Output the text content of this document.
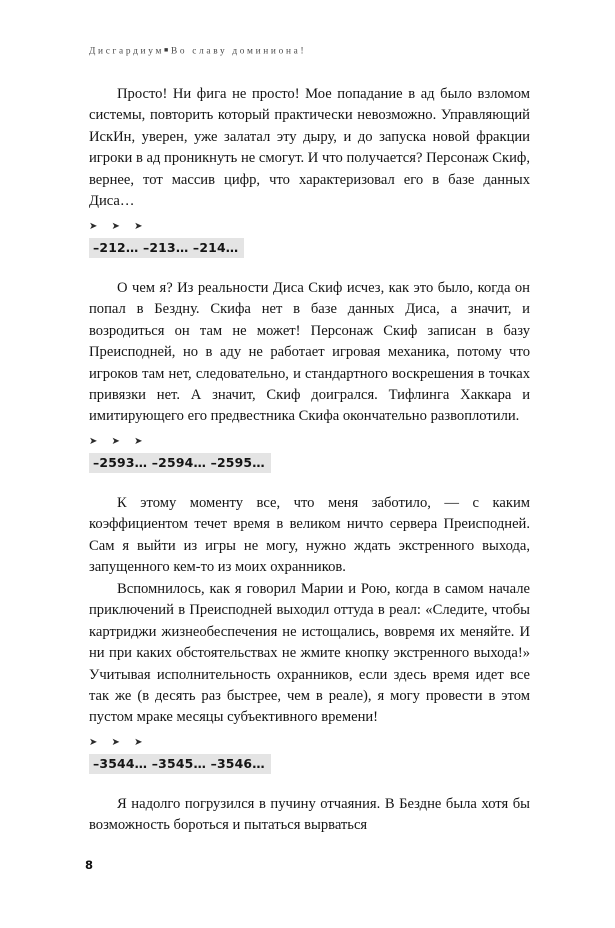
Дисгардиум■Во славу доминиона!

Просто! Ни фига не просто! Мое попадание в ад было взломом системы, повторить который практически невозможно. Управляющий ИскИн, уверен, уже залатал эту дыру, и до запуска новой фракции игроки в ад проникнуть не смогут. И что получается? Персонаж Скиф, вернее, тот массив цифр, что характеризовал его в базе данных Диса…

➤ ➤ ➤
–212… –213… –214…

О чем я? Из реальности Диса Скиф исчез, как это было, когда он попал в Бездну. Скифа нет в базе данных Диса, а значит, и возродиться он там не может! Персонаж Скиф записан в базу Преисподней, но в аду не работает игровая механика, потому что игроков там нет, следовательно, и стандартного воскрешения в точках привязки нет. А значит, Скиф доигрался. Тифлинга Хаккара и имитирующего его предвестника Скифа окончательно развоплотили.

➤ ➤ ➤
–2593… –2594… –2595…

К этому моменту все, что меня заботило, — с каким коэффициентом течет время в великом ничто сервера Преисподней. Сам я выйти из игры не могу, нужно ждать экстренного выхода, запущенного кем-то из моих охранников.

Вспомнилось, как я говорил Марии и Рою, когда в самом начале приключений в Преисподней выходил оттуда в реал: «Следите, чтобы картриджи жизнеобеспечения не истощались, вовремя их меняйте. И ни при каких обстоятельствах не жмите кнопку экстренного выхода!» Учитывая исполнительность охранников, если здесь время идет все так же (в десять раз быстрее, чем в реале), я могу провести в этом пустом мраке месяцы субъективного времени!

➤ ➤ ➤
–3544… –3545… –3546…

Я надолго погрузился в пучину отчаяния. В Бездне была хотя бы возможность бороться и пытаться вырваться

8
